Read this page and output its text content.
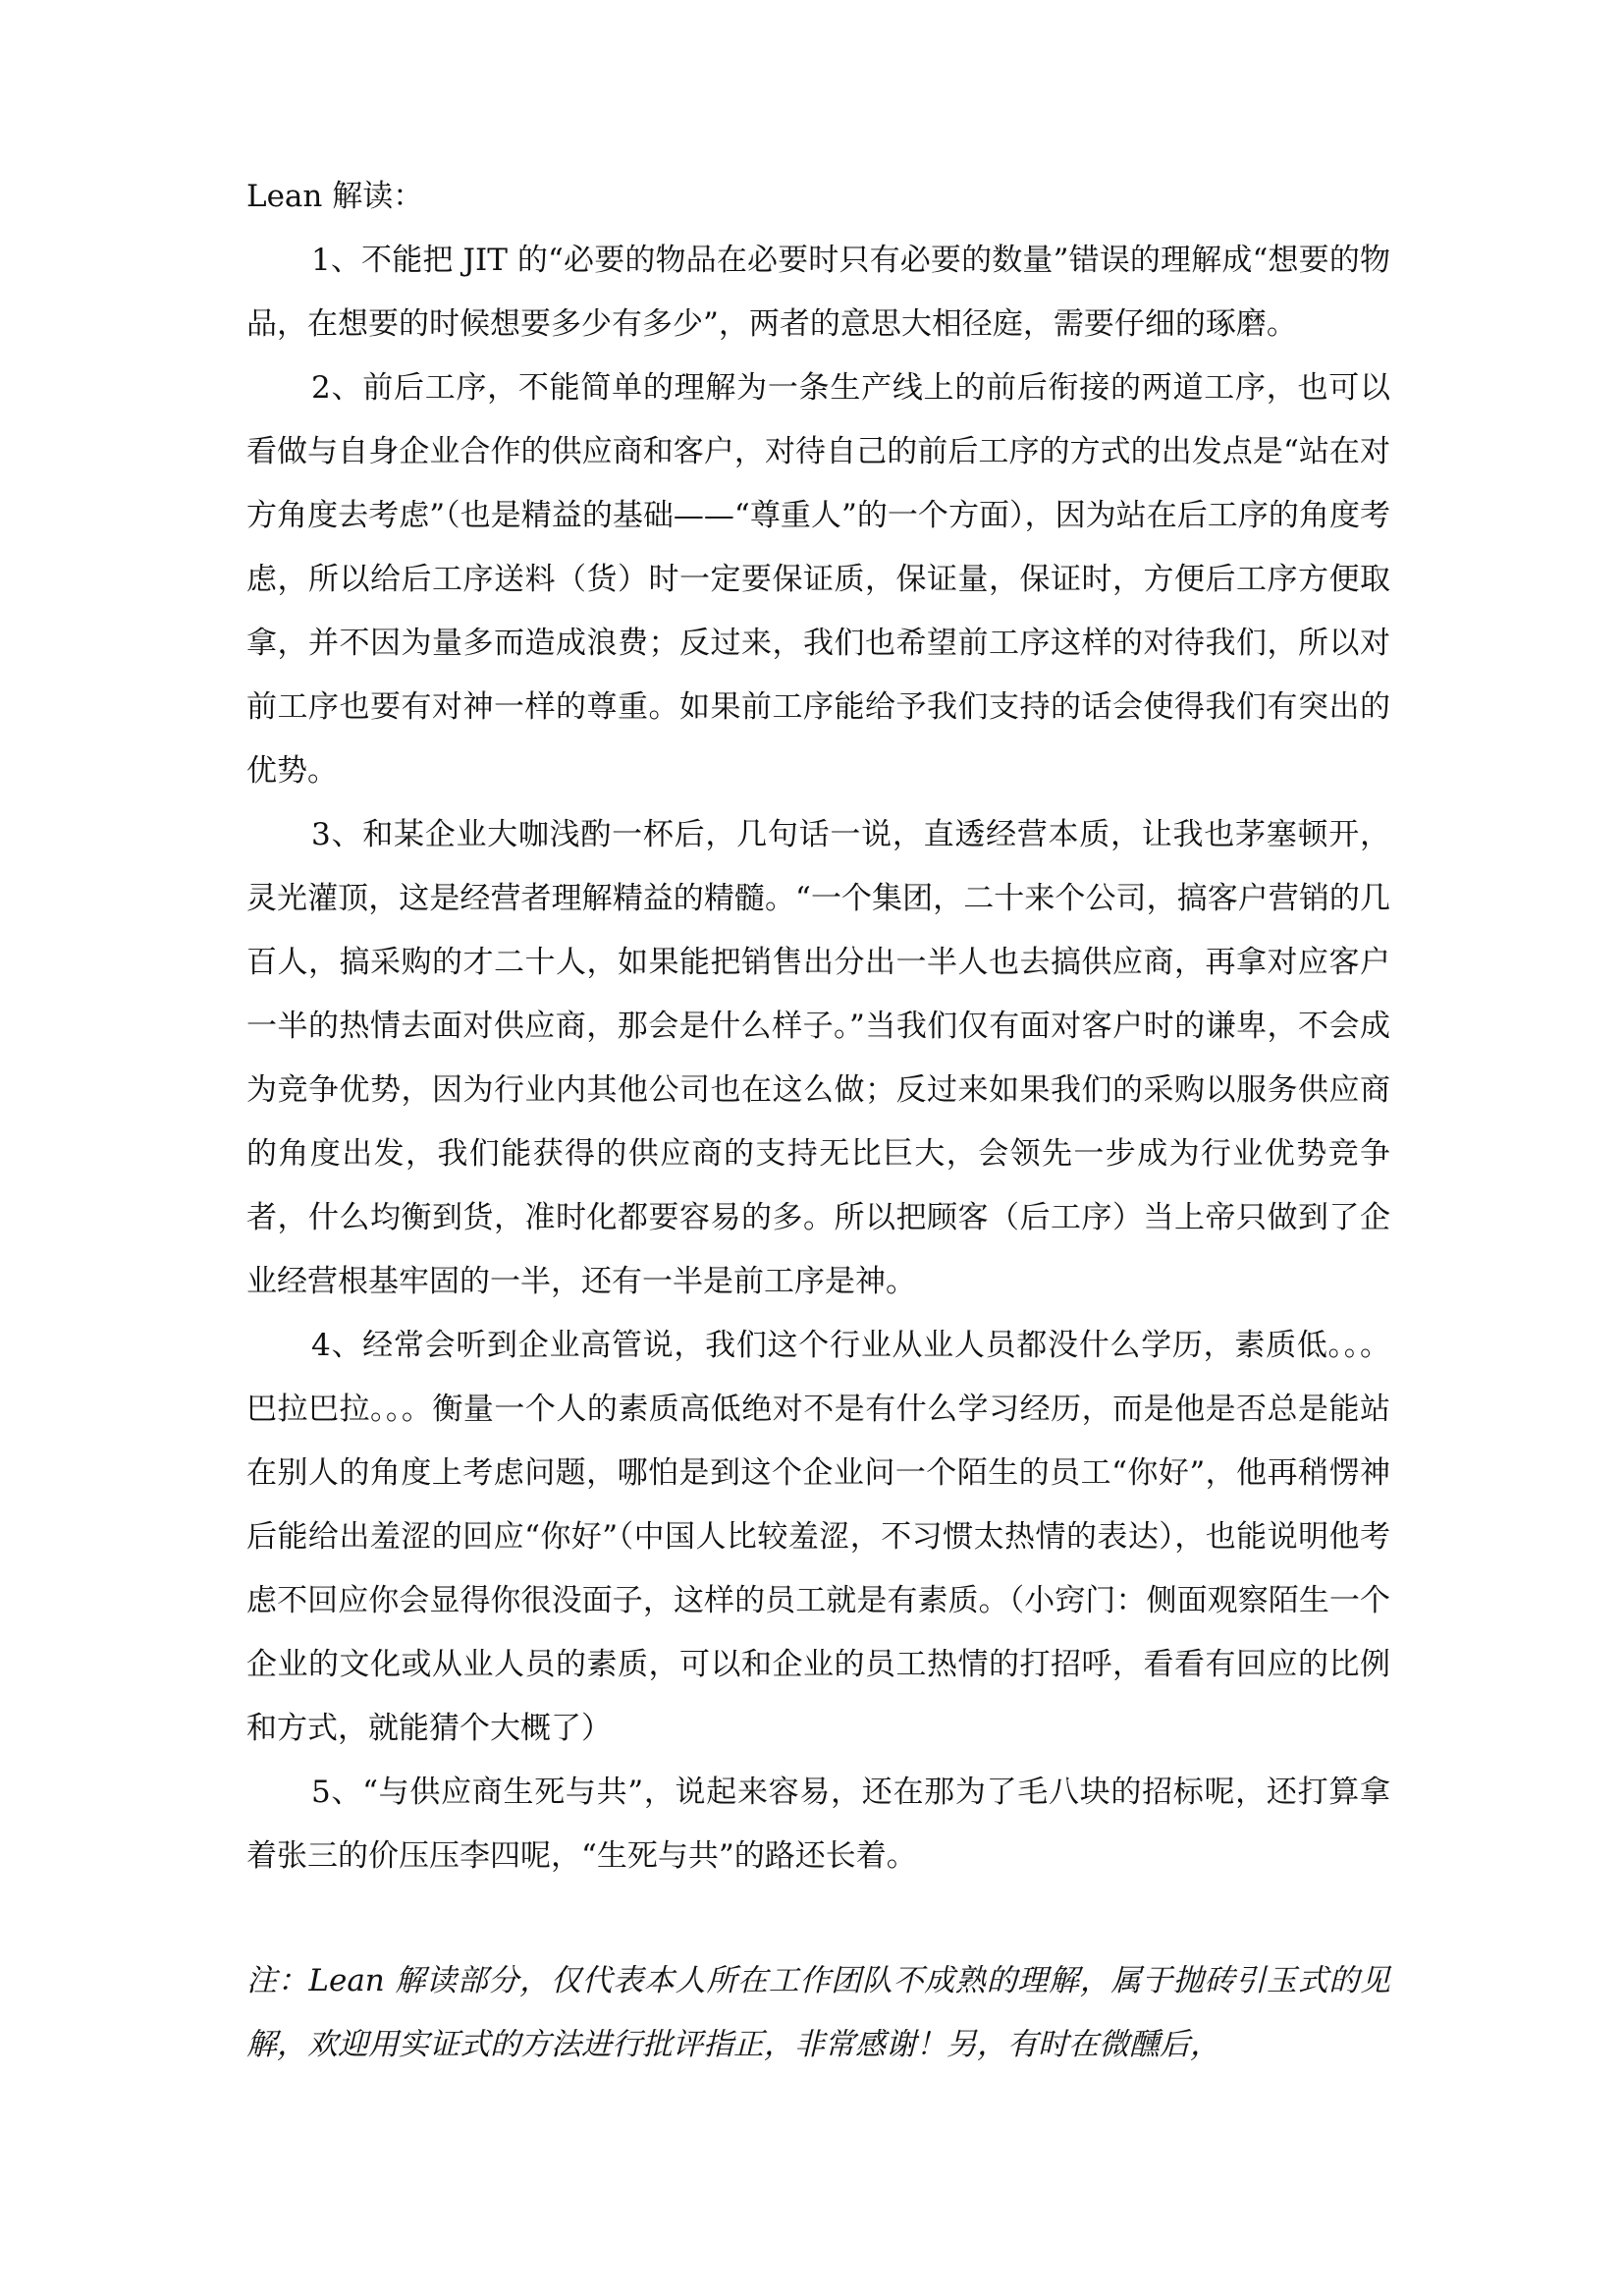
Lean 解读：

1、不能把 JIT 的“必要的物品在必要时只有必要的数量”错误的理解成“想要的物品，在想要的时候想要多少有多少”，两者的意思大相径庭，需要仔细的琢磨。

2、前后工序，不能简单的理解为一条生产线上的前后衔接的两道工序，也可以看做与自身企业合作的供应商和客户，对待自己的前后工序的方式的出发点是“站在对方角度去考虑”（也是精益的基础——“尊重人”的一个方面），因为站在后工序的角度考虑，所以给后工序送料（货）时一定要保证质，保证量，保证时，方便后工序方便取拿，并不因为量多而造成浪费；反过来，我们也希望前工序这样的对待我们，所以对前工序也要有对神一样的尊重。如果前工序能给予我们支持的话会使得我们有突出的优势。

3、和某企业大咖浅酌一杯后，几句话一说，直透经营本质，让我也茅塞顿开，灵光灌顶，这是经营者理解精益的精髓。“一个集团，二十来个公司，搞客户营销的几百人，搞采购的才二十人，如果能把销售出分出一半人也去搞供应商，再拿对应客户一半的热情去面对供应商，那会是什么样子。”当我们仅有面对客户时的谦卑，不会成为竞争优势，因为行业内其他公司也在这么做；反过来如果我们的采购以服务供应商的角度出发，我们能获得的供应商的支持无比巨大，会领先一步成为行业优势竞争者，什么均衡到货，准时化都要容易的多。所以把顾客（后工序）当上帝只做到了企业经营根基牢固的一半，还有一半是前工序是神。

4、经常会听到企业高管说，我们这个行业从业人员都没什么学历，素质低。。。巴拉巴拉。。。衡量一个人的素质高低绝对不是有什么学习经历，而是他是否总是能站在别人的角度上考虑问题，哪怕是到这个企业问一个陌生的员工“你好”，他再稍愣神后能给出羞涩的回应“你好”（中国人比较羞涩，不习惯太热情的表达），也能说明他考虑不回应你会显得你很没面子，这样的员工就是有素质。（小窍门：侧面观察陌生一个企业的文化或从业人员的素质，可以和企业的员工热情的打招呼，看看有回应的比例和方式，就能猜个大概了）

5、“与供应商生死与共”，说起来容易，还在那为了毛八块的招标呢，还打算拿着张三的价压压李四呢，“生死与共”的路还长着。

注：Lean 解读部分，仅代表本人所在工作团队不成熟的理解，属于抛砖引玉式的见解，欢迎用实证式的方法进行批评指正，非常感谢！另，有时在微醺后，
